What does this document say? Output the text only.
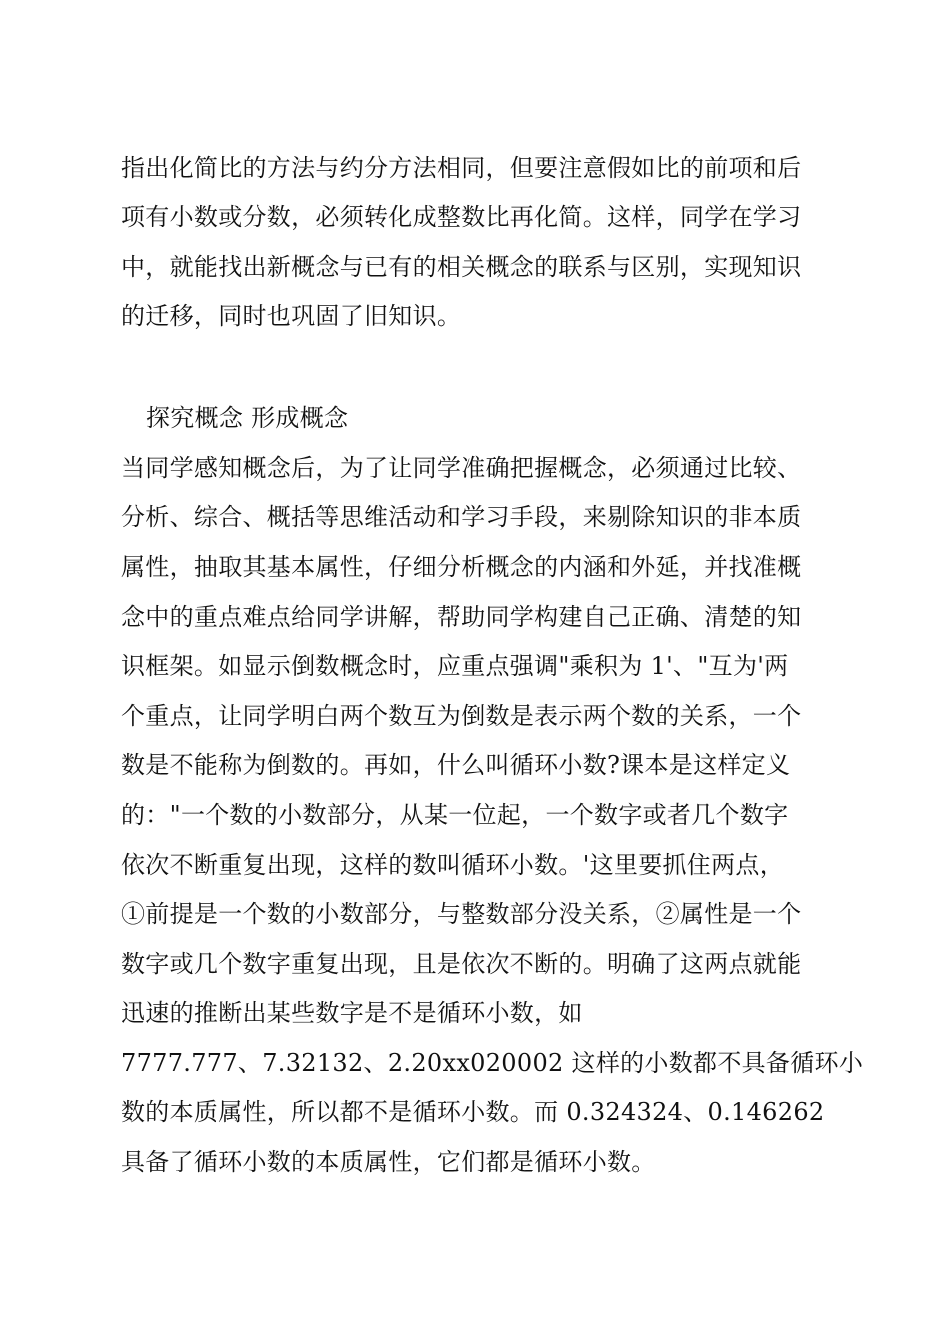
指出化简比的方法与约分方法相同，但要注意假如比的前项和后
项有小数或分数，必须转化成整数比再化简。这样，同学在学习
中，就能找出新概念与已有的相关概念的联系与区别，实现知识
的迁移，同时也巩固了旧知识。
探究概念 形成概念
当同学感知概念后，为了让同学准确把握概念，必须通过比较、
分析、综合、概括等思维活动和学习手段，来剔除知识的非本质
属性，抽取其基本属性，仔细分析概念的内涵和外延，并找准概
念中的重点难点给同学讲解，帮助同学构建自己正确、清楚的知
识框架。如显示倒数概念时，应重点强调"乘积为 1'、"互为'两
个重点，让同学明白两个数互为倒数是表示两个数的关系，一个
数是不能称为倒数的。再如，什么叫循环小数?课本是这样定义
的："一个数的小数部分，从某一位起，一个数字或者几个数字
依次不断重复出现，这样的数叫循环小数。'这里要抓住两点，
①前提是一个数的小数部分，与整数部分没关系，②属性是一个
数字或几个数字重复出现，且是依次不断的。明确了这两点就能
迅速的推断出某些数字是不是循环小数，如
7777.777、7.32132、2.20xx020002 这样的小数都不具备循环小
数的本质属性，所以都不是循环小数。而 0.324324、0.146262
具备了循环小数的本质属性，它们都是循环小数。
